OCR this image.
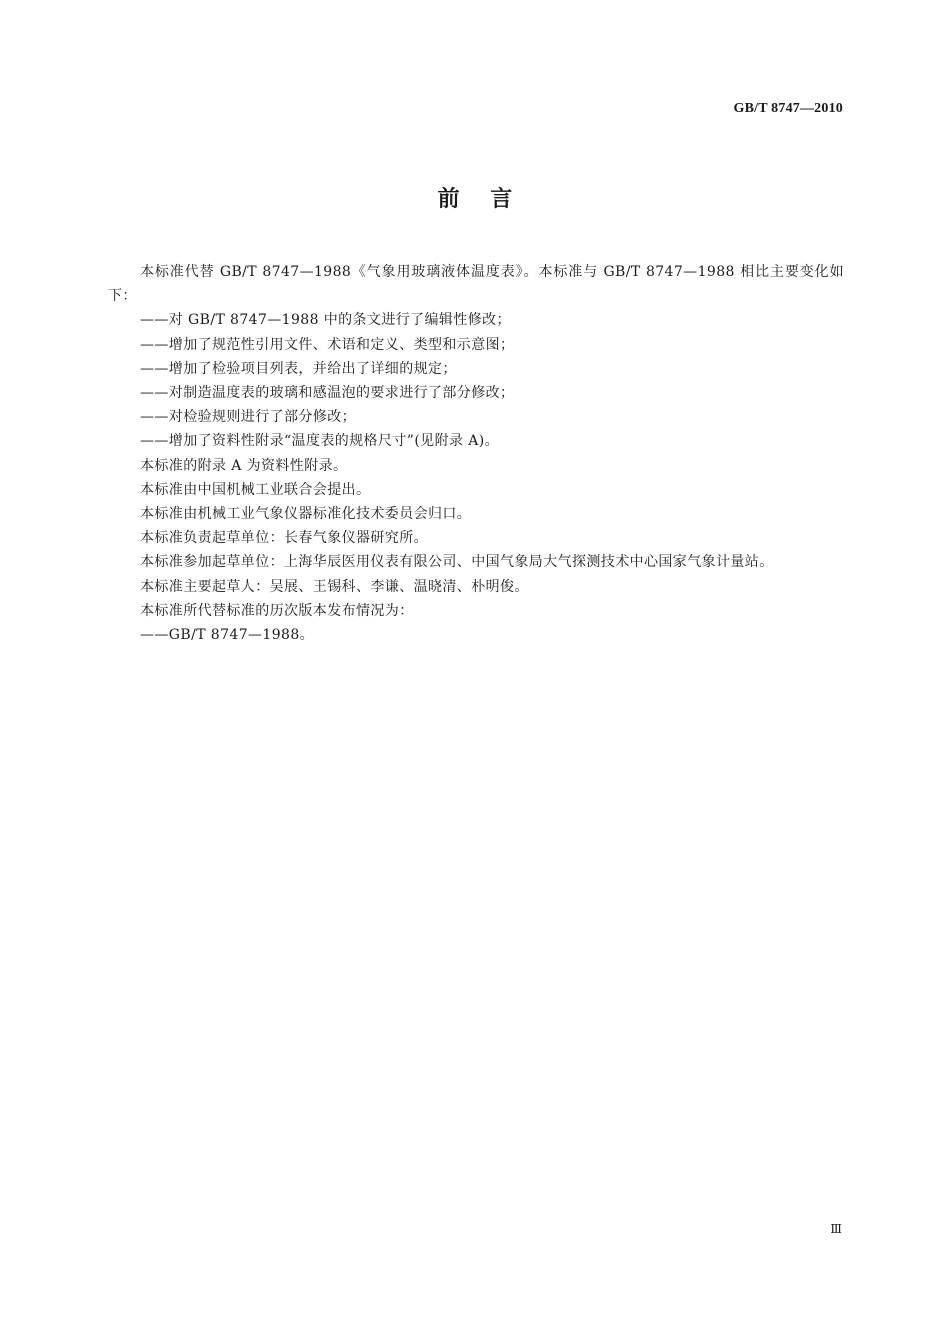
GB/T 8747—2010
前    言

本标准代替 GB/T 8747—1988《气象用玻璃液体温度表》。本标准与 GB/T 8747—1988 相比主要变化如下：

——对 GB/T 8747—1988 中的条文进行了编辑性修改；

——增加了规范性引用文件、术语和定义、类型和示意图；

——增加了检验项目列表，并给出了详细的规定；

——对制造温度表的玻璃和感温泡的要求进行了部分修改；

——对检验规则进行了部分修改；

——增加了资料性附录“温度表的规格尺寸”(见附录 A)。

本标准的附录 A 为资料性附录。

本标准由中国机械工业联合会提出。

本标准由机械工业气象仪器标准化技术委员会归口。

本标准负责起草单位：长春气象仪器研究所。

本标准参加起草单位：上海华辰医用仪表有限公司、中国气象局大气探测技术中心国家气象计量站。

本标准主要起草人：吴展、王锡科、李谦、温晓清、朴明俊。

本标准所代替标准的历次版本发布情况为：

——GB/T 8747—1988。

Ⅲ
